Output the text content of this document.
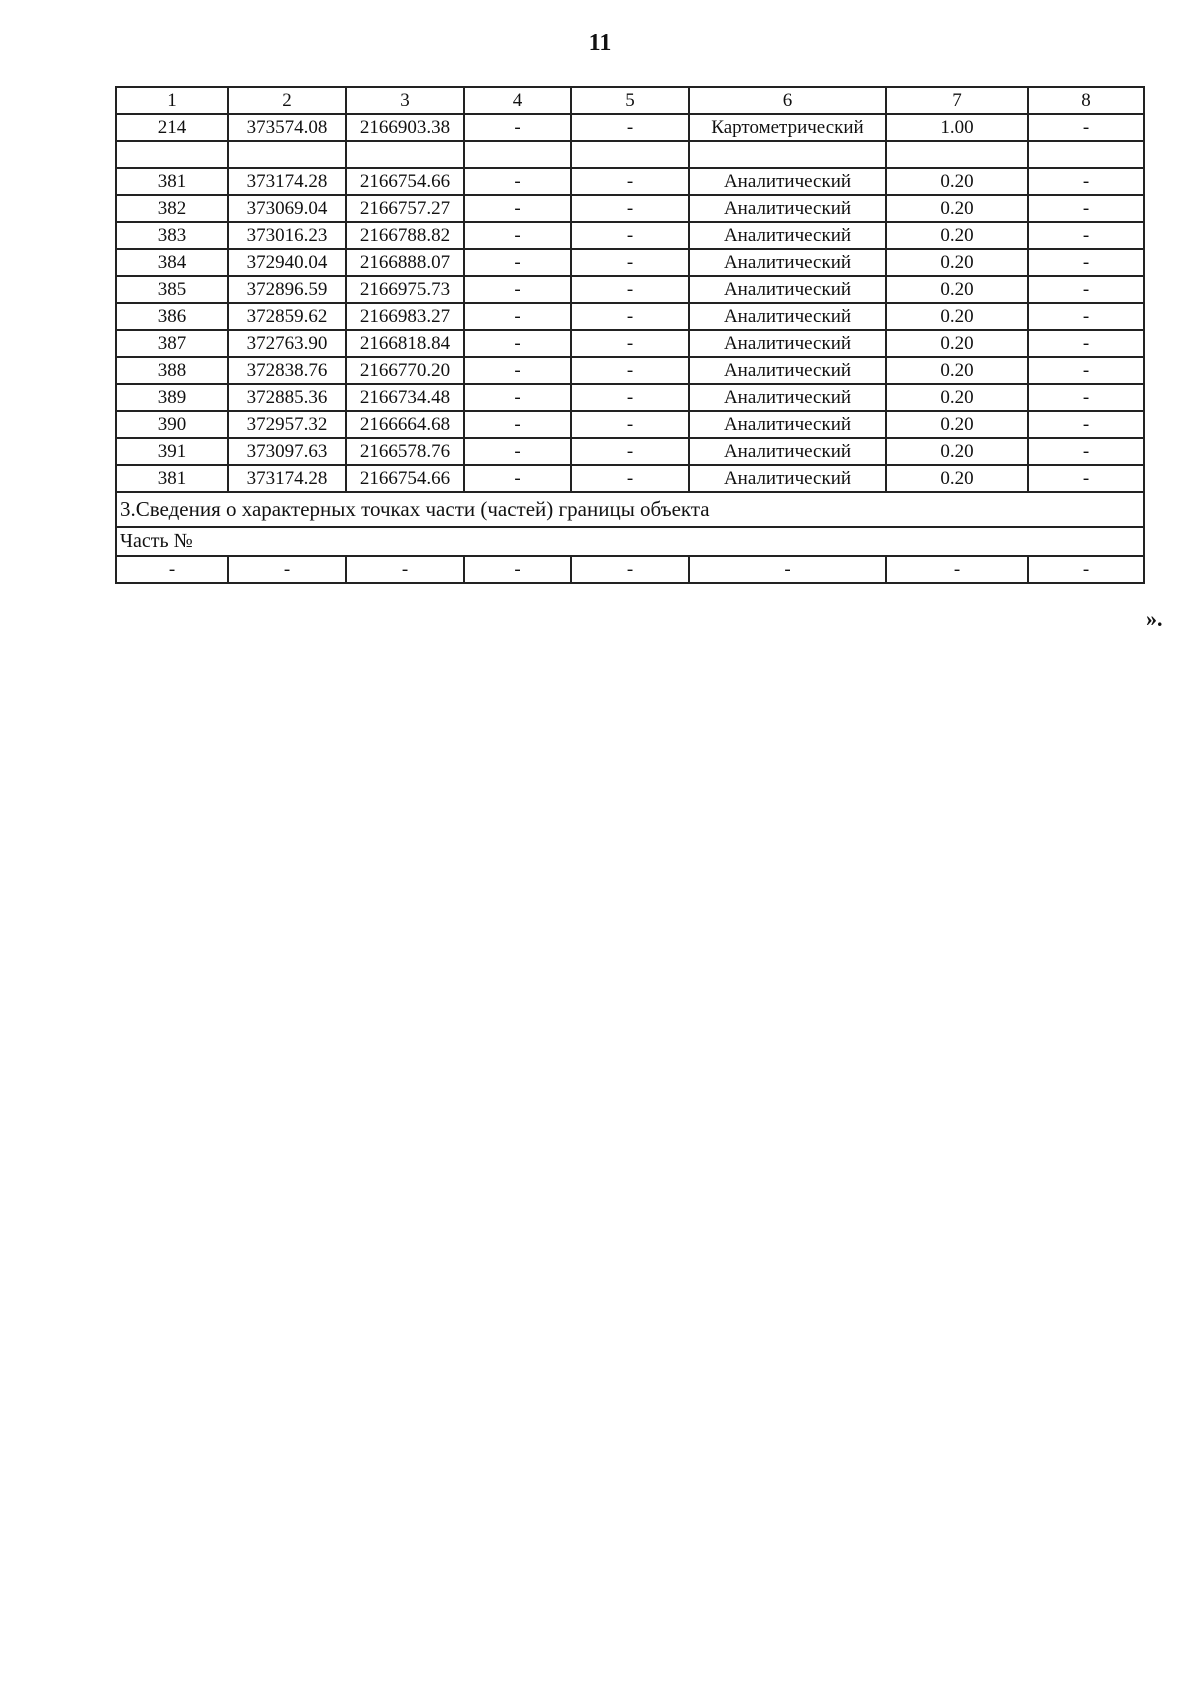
11
1	2	3	4	5	6	7	8
214	373574.08	2166903.38	-	-	Картометрический	1.00	-

381	373174.28	2166754.66	-	-	Аналитический	0.20	-
382	373069.04	2166757.27	-	-	Аналитический	0.20	-
383	373016.23	2166788.82	-	-	Аналитический	0.20	-
384	372940.04	2166888.07	-	-	Аналитический	0.20	-
385	372896.59	2166975.73	-	-	Аналитический	0.20	-
386	372859.62	2166983.27	-	-	Аналитический	0.20	-
387	372763.90	2166818.84	-	-	Аналитический	0.20	-
388	372838.76	2166770.20	-	-	Аналитический	0.20	-
389	372885.36	2166734.48	-	-	Аналитический	0.20	-
390	372957.32	2166664.68	-	-	Аналитический	0.20	-
391	373097.63	2166578.76	-	-	Аналитический	0.20	-
381	373174.28	2166754.66	-	-	Аналитический	0.20	-
3.Сведения о характерных точках части (частей) границы объекта							
Часть №							
-	-	-	-	-	-	-	-
».
